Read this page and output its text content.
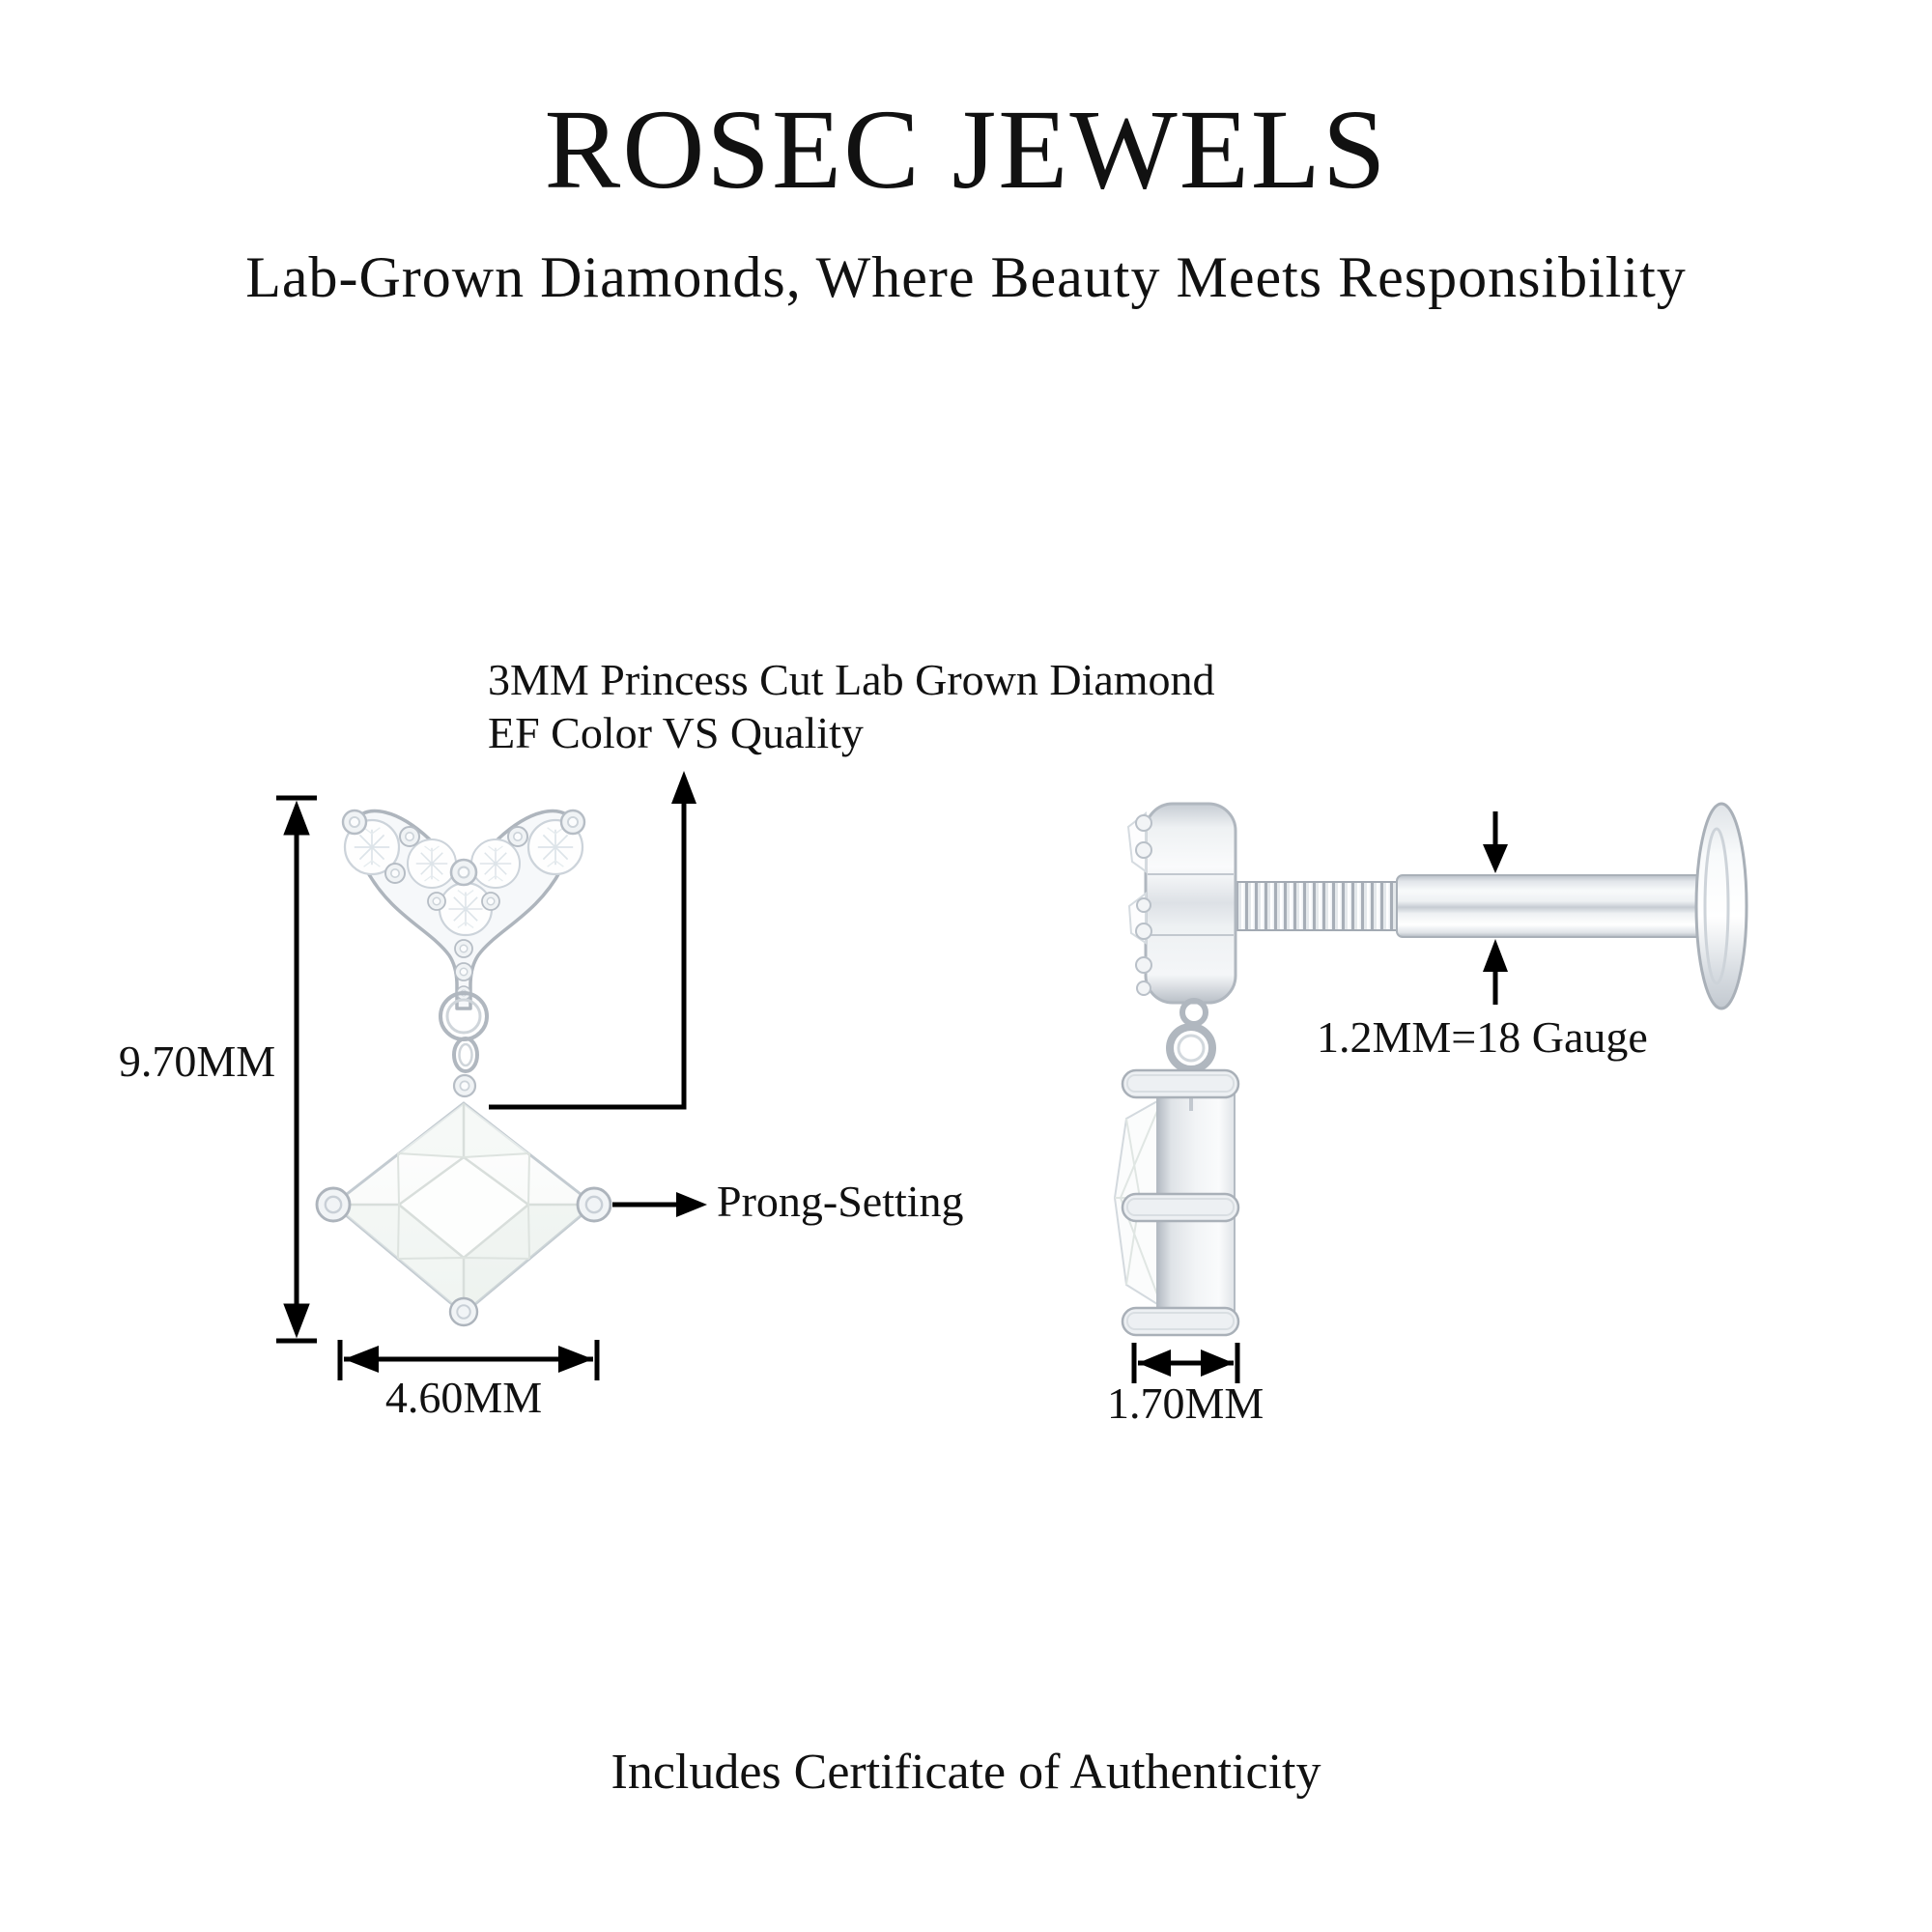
ROSEC JEWELS
Lab-Grown Diamonds, Where Beauty Meets Responsibility
3MM Princess Cut Lab Grown Diamond
EF Color VS Quality
9.70MM
4.60MM
Prong-Setting
1.2MM=18 Gauge
1.70MM
Includes Certificate of Authenticity
